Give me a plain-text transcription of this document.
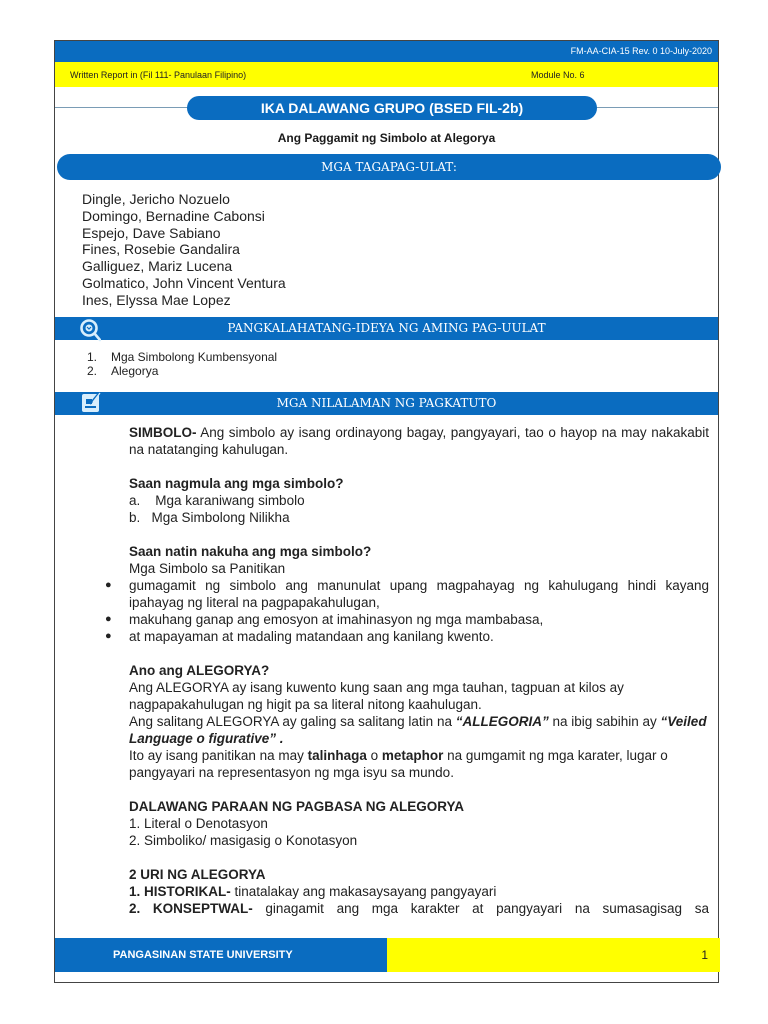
FM-AA-CIA-15 Rev. 0 10-July-2020
Written Report in (Fil 111- Panulaan Filipino)	Module No. 6
IKA DALAWANG GRUPO (BSED FIL-2b)
Ang Paggamit ng Simbolo at Alegorya
MGA TAGAPAG-ULAT:
Dingle, Jericho Nozuelo
Domingo, Bernadine Cabonsi
Espejo, Dave Sabiano
Fines, Rosebie Gandalira
Galliguez, Mariz Lucena
Golmatico, John Vincent Ventura
Ines, Elyssa Mae Lopez
PANGKALAHATANG-IDEYA NG AMING PAG-UULAT
1. Mga Simbolong Kumbensyonal
2. Alegorya
MGA NILALAMAN NG PAGKATUTO

SIMBOLO- Ang simbolo ay isang ordinayong bagay, pangyayari, tao o hayop na may nakakabit na natatanging kahulugan.

Saan nagmula ang mga simbolo?

a.    Mga karaniwang simbolo

b.   Mga Simbolong Nilikha

Saan natin nakuha ang mga simbolo?

Mga Simbolo sa Panitikan

● gumagamit ng simbolo ang manunulat upang magpahayag ng kahulugang hindi kayang ipahayag ng literal na pagpapakahulugan,
● makuhang ganap ang emosyon at imahinasyon ng mga mambabasa,
● at mapayaman at madaling matandaan ang kanilang kwento.

Ano ang ALEGORYA?

Ang ALEGORYA ay isang kuwento kung saan ang mga tauhan, tagpuan at kilos ay nagpapakahulugan ng higit pa sa literal nitong kaahulugan.

Ang salitang ALEGORYA ay galing sa salitang latin na “ALLEGORIA” na ibig sabihin ay “Veiled Language o figurative” .

Ito ay isang panitikan na may talinhaga o metaphor na gumgamit ng mga karater, lugar o pangyayari na representasyon ng mga isyu sa mundo.

DALAWANG PARAAN NG PAGBASA NG ALEGORYA

1. Literal o Denotasyon

2. Simboliko/ masigasig o Konotasyon

2 URI NG ALEGORYA

1. HISTORIKAL- tinatalakay ang makasaysayang pangyayari

2. KONSEPTWAL- ginagamit ang mga karakter at pangyayari na sumasagisag sa

PANGASINAN STATE UNIVERSITY	1
